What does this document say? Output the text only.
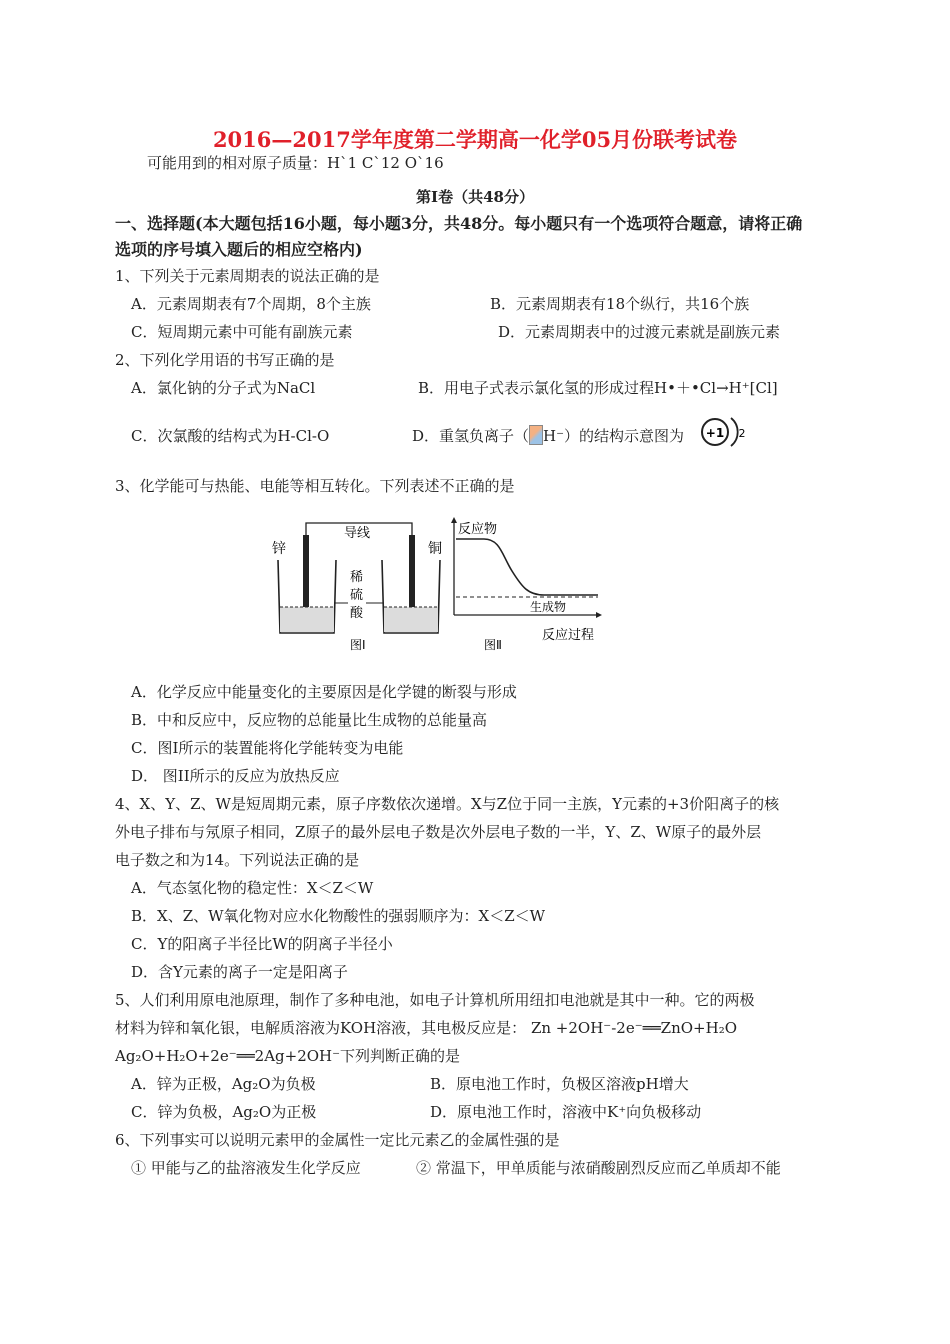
2016—2017学年度第二学期高一化学05月份联考试卷
可能用到的相对原子质量：H`1 C`12 O`16
第Ⅰ卷（共48分）
一、选择题(本大题包括16小题，每小题3分，共48分。每小题只有一个选项符合题意，请将正确
选项的序号填入题后的相应空格内)
1、下列关于元素周期表的说法正确的是
A．元素周期表有7个周期，8个主族	B．元素周期表有18个纵行，共16个族
C．短周期元素中可能有副族元素	D．元素周期表中的过渡元素就是副族元素
2、下列化学用语的书写正确的是
A．氯化钠的分子式为NaCl	B．用电子式表示氯化氢的形成过程H•＋•Cl→H⁺[Cl]
C．次氯酸的结构式为H-Cl-O	D．重氢负离子（ H⁻）的结构示意图为 +1 2
3、化学能可与热能、电能等相互转化。下列表述不正确的是
导线
锌	铜
稀
硫
酸
图Ⅰ
反应物
生成物
反应过程
图Ⅱ
A．化学反应中能量变化的主要原因是化学键的断裂与形成
B．中和反应中，反应物的总能量比生成物的总能量高
C．图Ⅰ所示的装置能将化学能转变为电能
D． 图II所示的反应为放热反应
4、X、Y、Z、W是短周期元素，原子序数依次递增。X与Z位于同一主族，Y元素的+3价阳离子的核
外电子排布与氖原子相同，Z原子的最外层电子数是次外层电子数的一半，Y、Z、W原子的最外层
电子数之和为14。下列说法正确的是
A．气态氢化物的稳定性：X＜Z＜W
B．X、Z、W氧化物对应水化物酸性的强弱顺序为：X＜Z＜W
C．Y的阳离子半径比W的阴离子半径小
D．含Y元素的离子一定是阳离子
5、人们利用原电池原理，制作了多种电池，如电子计算机所用纽扣电池就是其中一种。它的两极
材料为锌和氧化银，电解质溶液为KOH溶液，其电极反应是： Zn +2OH⁻-2e⁻══ZnO+H₂O
Ag₂O+H₂O+2e⁻══2Ag+2OH⁻下列判断正确的是
A．锌为正极，Ag₂O为负极	B．原电池工作时，负极区溶液pH增大
C．锌为负极，Ag₂O为正极	D．原电池工作时，溶液中K⁺向负极移动
6、下列事实可以说明元素甲的金属性一定比元素乙的金属性强的是
① 甲能与乙的盐溶液发生化学反应	② 常温下，甲单质能与浓硝酸剧烈反应而乙单质却不能
